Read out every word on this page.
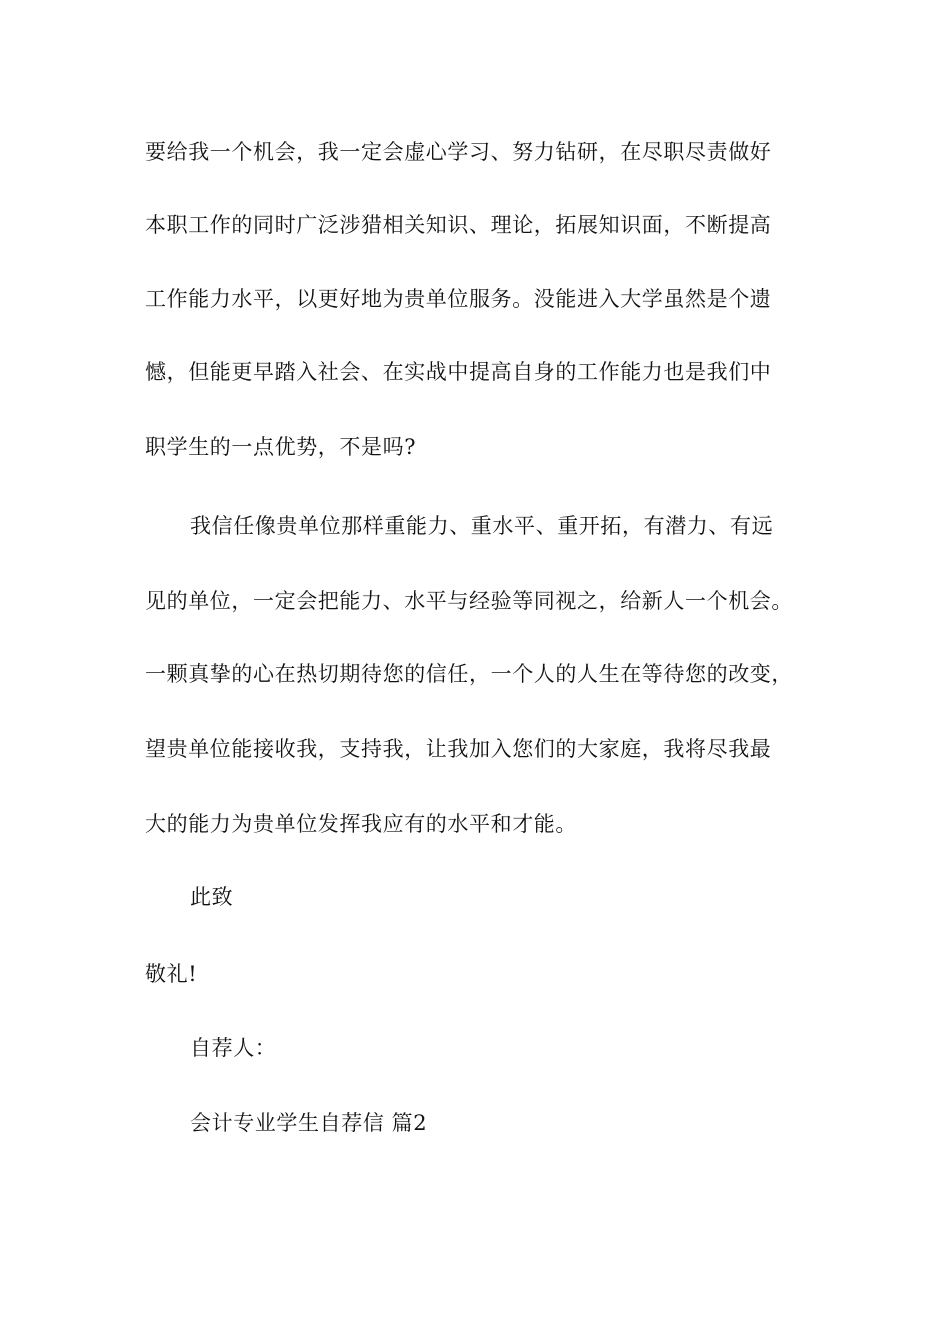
要给我一个机会，我一定会虚心学习、努力钻研，在尽职尽责做好
本职工作的同时广泛涉猎相关知识、理论，拓展知识面，不断提高
工作能力水平，以更好地为贵单位服务。没能进入大学虽然是个遗
憾，但能更早踏入社会、在实战中提高自身的工作能力也是我们中
职学生的一点优势，不是吗?
我信任像贵单位那样重能力、重水平、重开拓，有潜力、有远
见的单位，一定会把能力、水平与经验等同视之，给新人一个机会。
一颗真挚的心在热切期待您的信任，一个人的人生在等待您的改变，
望贵单位能接收我，支持我，让我加入您们的大家庭，我将尽我最
大的能力为贵单位发挥我应有的水平和才能。
此致
敬礼!
自荐人：
会计专业学生自荐信 篇2
